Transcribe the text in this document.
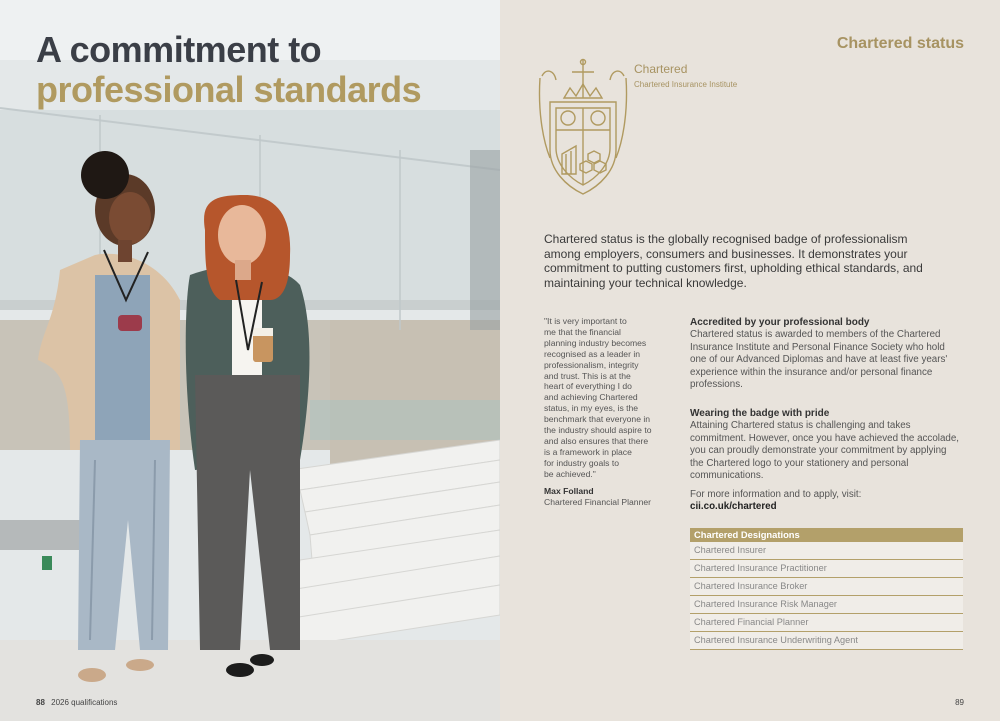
A commitment to
professional standards
88 2026 qualifications
Chartered status
Chartered
Chartered Insurance Institute

Chartered status is the globally recognised badge of professionalism among employers, consumers and businesses. It demonstrates your commitment to putting customers first, upholding ethical standards, and maintaining your technical knowledge.

"It is very important to
me that the financial
planning industry becomes
recognised as a leader in
professionalism, integrity
and trust. This is at the
heart of everything I do
and achieving Chartered
status, in my eyes, is the
benchmark that everyone in
the industry should aspire to
and also ensures that there
is a framework in place
for industry goals to
be achieved."
Max Folland
Chartered Financial Planner
Accredited by your professional body

Chartered status is awarded to members of the Chartered Insurance Institute and Personal Finance Society who hold one of our Advanced Diplomas and have at least five years' experience within the insurance and/or personal finance professions.

Wearing the badge with pride

Attaining Chartered status is challenging and takes commitment. However, once you have achieved the accolade, you can proudly demonstrate your commitment by applying the Chartered logo to your stationery and personal communications.

For more information and to apply, visit:
cii.co.uk/chartered
Chartered Designations
Chartered Insurer
Chartered Insurance Practitioner
Chartered Insurance Broker
Chartered Insurance Risk Manager
Chartered Financial Planner
Chartered Insurance Underwriting Agent
89
